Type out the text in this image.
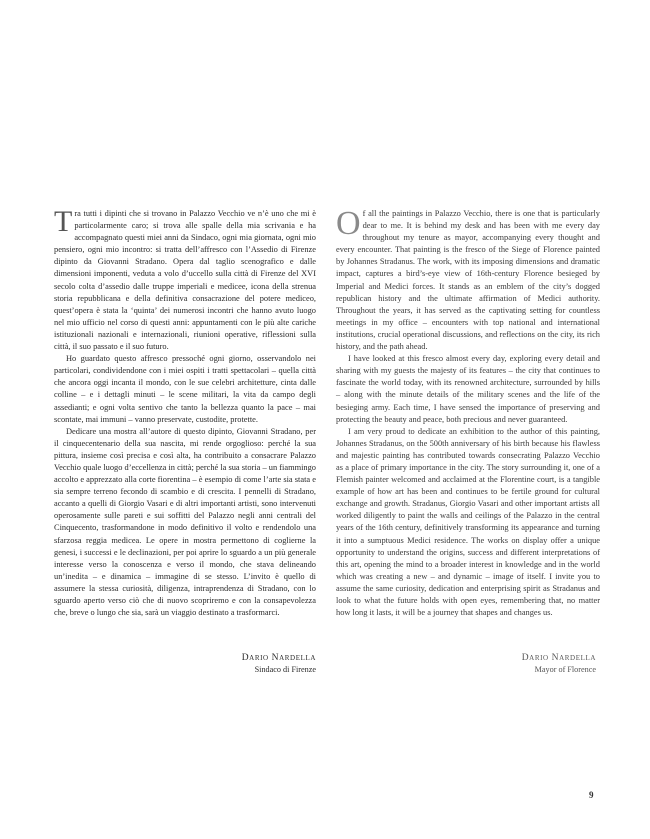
Tra tutti i dipinti che si trovano in Palazzo Vecchio ve n’è uno che mi è particolarmente caro; si trova alle spalle della mia scrivania e ha accompagnato questi miei anni da Sindaco, ogni mia giornata, ogni mio pensiero, ogni mio incontro: si tratta dell’affresco con l’Assedio di Firenze dipinto da Giovanni Stradano. Opera dal taglio scenografico e dalle dimensioni imponenti, veduta a volo d’uccello sulla città di Firenze del XVI secolo colta d’assedio dalle truppe imperiali e medicee, icona della strenua storia repubblicana e della definitiva consacrazione del potere mediceo, quest’opera è stata la ‘quinta’ dei numerosi incontri che hanno avuto luogo nel mio ufficio nel corso di questi anni: appuntamenti con le più alte cariche istituzionali nazionali e internazionali, riunioni operative, riflessioni sulla città, il suo passato e il suo futuro.

Ho guardato questo affresco pressoché ogni giorno, osservandolo nei particolari, condividendone con i miei ospiti i tratti spettacolari – quella città che ancora oggi incanta il mondo, con le sue celebri architetture, cinta dalle colline – e i dettagli minuti – le scene militari, la vita da campo degli assedianti; e ogni volta sentivo che tanto la bellezza quanto la pace – mai scontate, mai immuni – vanno preservate, custodite, protette.

Dedicare una mostra all’autore di questo dipinto, Giovanni Stradano, per il cinquecentenario della sua nascita, mi rende orgoglioso: perché la sua pittura, insieme così precisa e così alta, ha contribuito a consacrare Palazzo Vecchio quale luogo d’eccellenza in città; perché la sua storia – un fiammingo accolto e apprezzato alla corte fiorentina – è esempio di come l’arte sia stata e sia sempre terreno fecondo di scambio e di crescita. I pennelli di Stradano, accanto a quelli di Giorgio Vasari e di altri importanti artisti, sono intervenuti operosamente sulle pareti e sui soffitti del Palazzo negli anni centrali del Cinquecento, trasformandone in modo definitivo il volto e rendendolo una sfarzosa reggia medicea. Le opere in mostra permettono di coglierne la genesi, i successi e le declinazioni, per poi aprire lo sguardo a un più generale interesse verso la conoscenza e verso il mondo, che stava delineando un’inedita – e dinamica – immagine di se stesso. L’invito è quello di assumere la stessa curiosità, diligenza, intraprendenza di Stradano, con lo sguardo aperto verso ciò che di nuovo scopriremo e con la consapevolezza che, breve o lungo che sia, sarà un viaggio destinato a trasformarci.

Of all the paintings in Palazzo Vecchio, there is one that is particularly dear to me. It is behind my desk and has been with me every day throughout my tenure as mayor, accompanying every thought and every encounter. That painting is the fresco of the Siege of Florence painted by Johannes Stradanus. The work, with its imposing dimensions and dramatic impact, captures a bird’s-eye view of 16th-century Florence besieged by Imperial and Medici forces. It stands as an emblem of the city’s dogged republican history and the ultimate affirmation of Medici authority. Throughout the years, it has served as the captivating setting for countless meetings in my office – encounters with top national and international institutions, crucial operational discussions, and reflections on the city, its rich history, and the path ahead.

I have looked at this fresco almost every day, exploring every detail and sharing with my guests the majesty of its features – the city that continues to fascinate the world today, with its renowned architecture, surrounded by hills – along with the minute details of the military scenes and the life of the besieging army. Each time, I have sensed the importance of preserving and protecting the beauty and peace, both precious and never guaranteed.

I am very proud to dedicate an exhibition to the author of this painting, Johannes Stradanus, on the 500th anniversary of his birth because his flawless and majestic painting has contributed towards consecrating Palazzo Vecchio as a place of primary importance in the city. The story surrounding it, one of a Flemish painter welcomed and acclaimed at the Florentine court, is a tangible example of how art has been and continues to be fertile ground for cultural exchange and growth. Stradanus, Giorgio Vasari and other important artists all worked diligently to paint the walls and ceilings of the Palazzo in the central years of the 16th century, definitively transforming its appearance and turning it into a sumptuous Medici residence. The works on display offer a unique opportunity to understand the origins, success and different interpretations of this art, opening the mind to a broader interest in knowledge and in the world which was creating a new – and dynamic – image of itself. I invite you to assume the same curiosity, dedication and enterprising spirit as Stradanus and look to what the future holds with open eyes, remembering that, no matter how long it lasts, it will be a journey that shapes and changes us.

Dario Nardella
Sindaco di Firenze
Dario Nardella
Mayor of Florence
9
